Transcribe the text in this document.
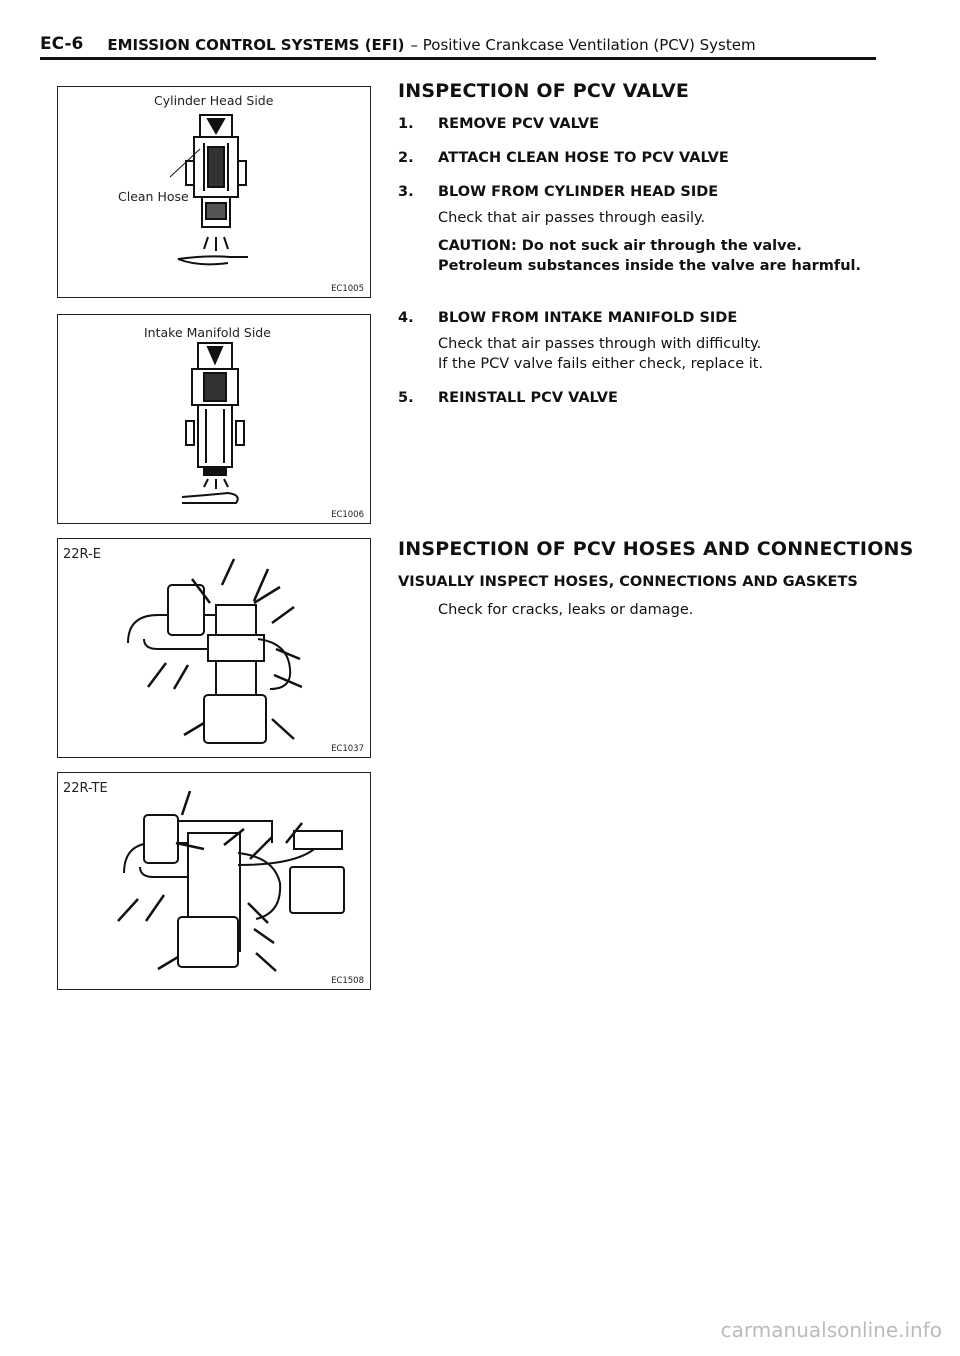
EC-6 EMISSION CONTROL SYSTEMS (EFI) – Positive Crankcase Ventilation (PCV) System
Cylinder Head Side
Clean Hose
EC1005
Intake Manifold Side
EC1006
22R-E
EC1037
22R-TE
EC1508
INSPECTION OF PCV VALVE
1. REMOVE PCV VALVE
2. ATTACH CLEAN HOSE TO PCV VALVE
3. BLOW FROM CYLINDER HEAD SIDE
Check that air passes through easily.
CAUTION: Do not suck air through the valve.
Petroleum substances inside the valve are harmful.
4. BLOW FROM INTAKE MANIFOLD SIDE
Check that air passes through with difficulty.
If the PCV valve fails either check, replace it.
5. REINSTALL PCV VALVE
INSPECTION OF PCV HOSES AND CONNECTIONS
VISUALLY INSPECT HOSES, CONNECTIONS AND GASKETS
Check for cracks, leaks or damage.
carmanualsonline.info
